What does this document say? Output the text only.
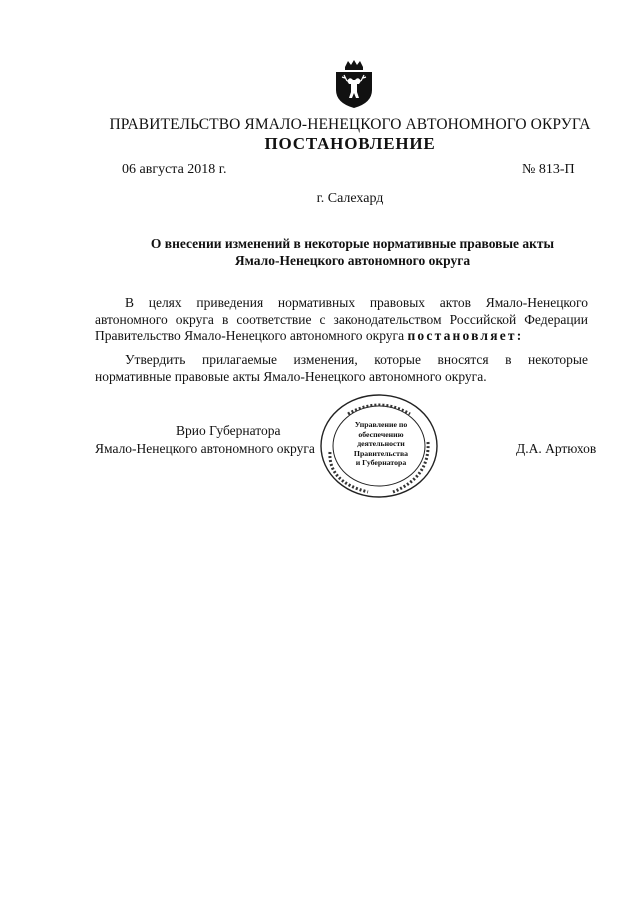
ПРАВИТЕЛЬСТВО ЯМАЛО-НЕНЕЦКОГО АВТОНОМНОГО ОКРУГА
ПОСТАНОВЛЕНИЕ
06 августа 2018 г.	№ 813-П
г. Салехард
О внесении изменений в некоторые нормативные правовые акты
Ямало-Ненецкого автономного округа
В целях приведения нормативных правовых актов Ямало-Ненецкого автономного округа в соответствие с законодательством Российской Федерации Правительство Ямало-Ненецкого автономного округа постановляет:
Утвердить прилагаемые изменения, которые вносятся в некоторые нормативные правовые акты Ямало-Ненецкого автономного округа.
Врио Губернатора
Ямало-Ненецкого автономного округа	Д.А. Артюхов
Управление по
обеспечению
деятельности
Правительства
и Губернатора
